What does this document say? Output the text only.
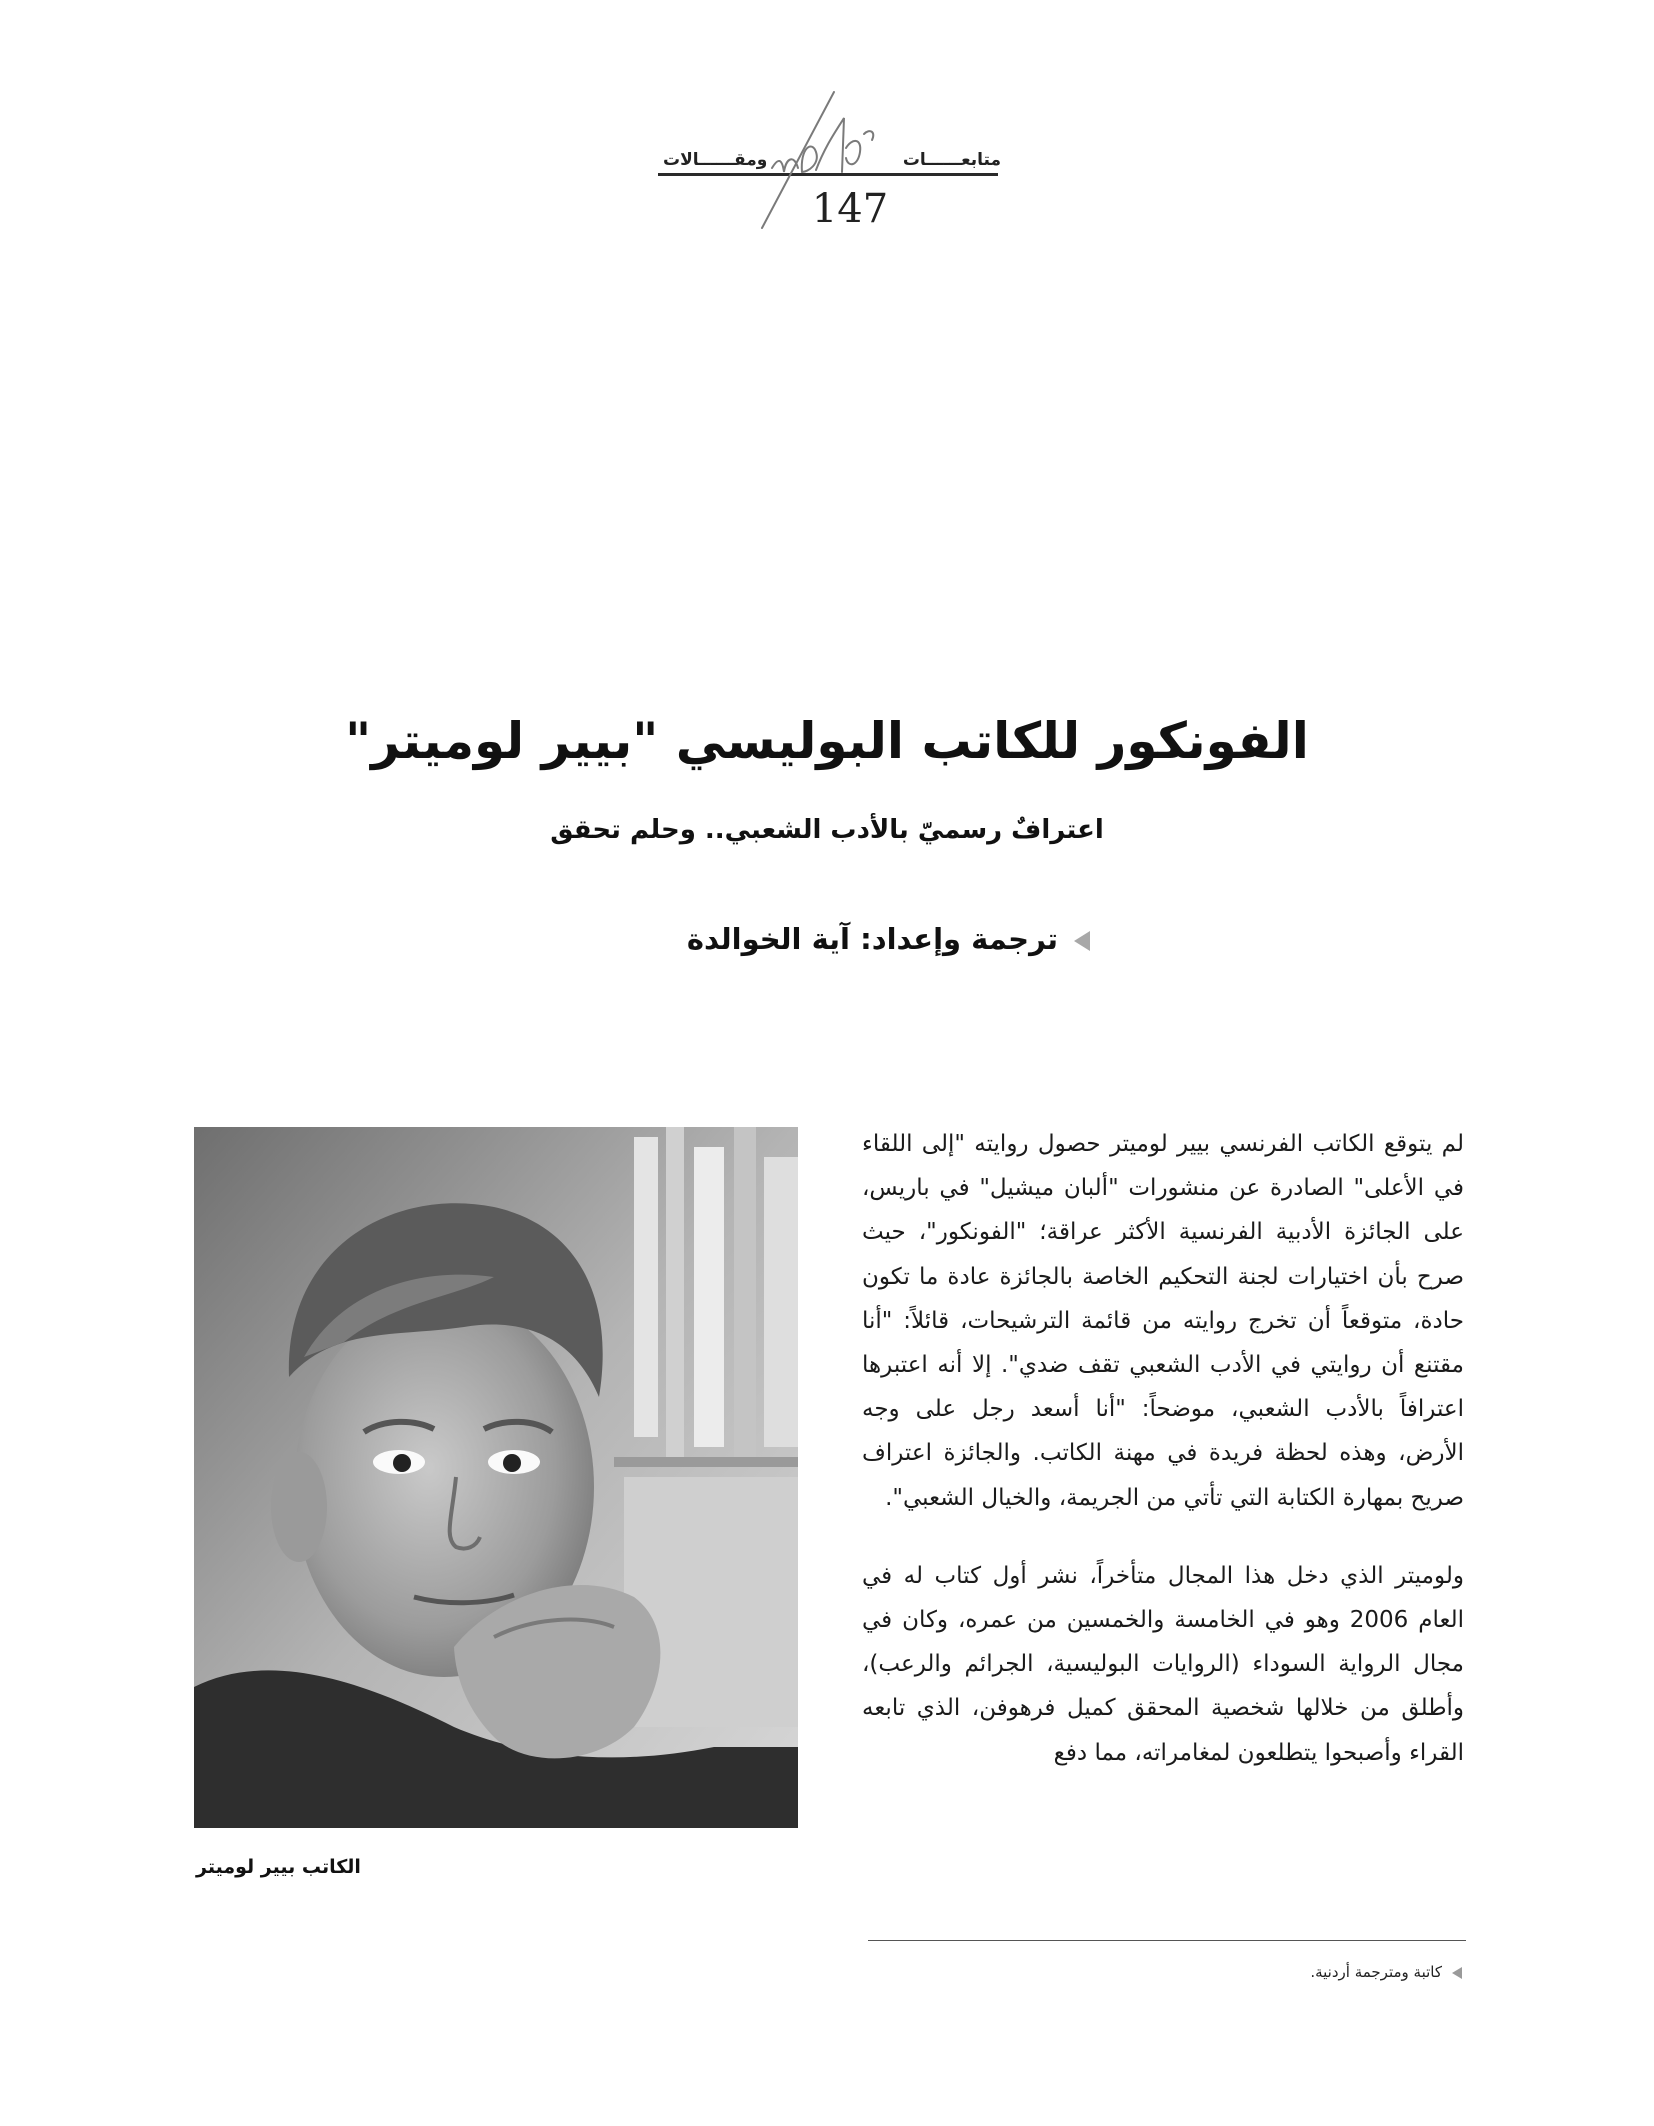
متابعــــــات
ومقــــــالات
147
الفونكور للكاتب البوليسي "بيير لوميتر"
اعترافٌ رسميّ بالأدب الشعبي.. وحلم تحقق
ترجمة وإعداد: آية الخوالدة

لم يتوقع الكاتب الفرنسي بيير لوميتر حصول روايته "إلى اللقاء في الأعلى" الصادرة عن منشورات "ألبان ميشيل" في باريس، على الجائزة الأدبية الفرنسية الأكثر عراقة؛ "الفونكور"، حيث صرح بأن اختيارات لجنة التحكيم الخاصة بالجائزة عادة ما تكون حادة، متوقعاً أن تخرج روايته من قائمة الترشيحات، قائلاً: "أنا مقتنع أن روايتي في الأدب الشعبي تقف ضدي". إلا أنه اعتبرها اعترافاً بالأدب الشعبي، موضحاً: "أنا أسعد رجل على وجه الأرض، وهذه لحظة فريدة في مهنة الكاتب. والجائزة اعتراف صريح بمهارة الكتابة التي تأتي من الجريمة، والخيال الشعبي".

ولوميتر الذي دخل هذا المجال متأخراً، نشر أول كتاب له في العام 2006 وهو في الخامسة والخمسين من عمره، وكان في مجال الرواية السوداء (الروايات البوليسية، الجرائم والرعب)، وأطلق من خلالها شخصية المحقق كميل فرهوفن، الذي تابعه القراء وأصبحوا يتطلعون لمغامراته، مما دفع

الكاتب بيير لوميتر
كاتبة ومترجمة أردنية.
